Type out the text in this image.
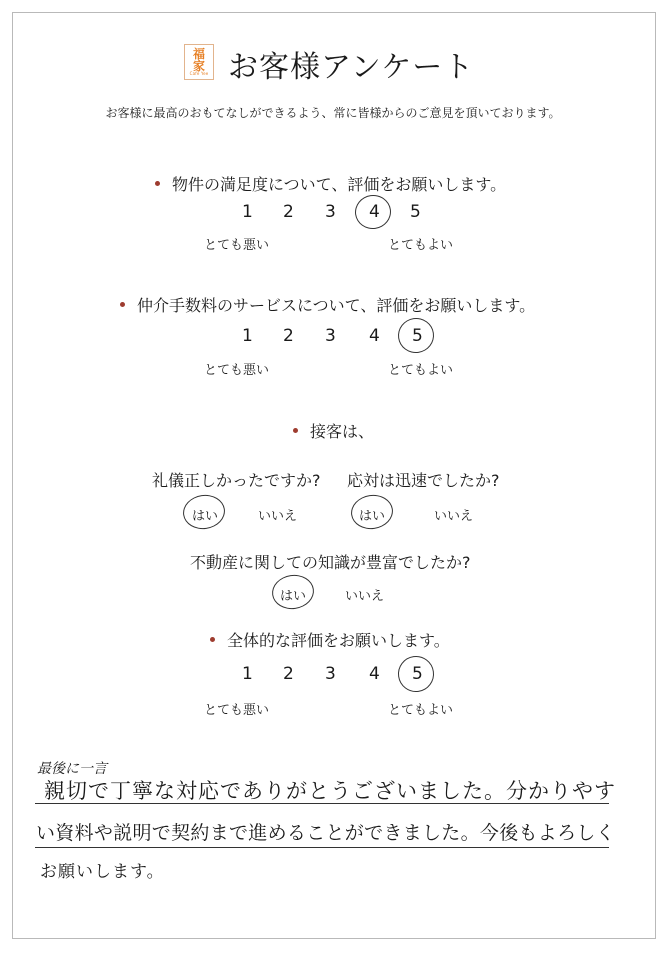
福
家
Cafe Yee お客様アンケート
お客様に最高のおもてなしができるよう、常に皆様からのご意見を頂いております。
物件の満足度について、評価をお願いします。
1 2 3 4 5
とても悪い	とてもよい
仲介手数料のサービスについて、評価をお願いします。
1 2 3 4 5
とても悪い	とてもよい
接客は、
礼儀正しかったですか? 応対は迅速でしたか?
はい	いいえ	はい	いいえ
不動産に関しての知識が豊富でしたか?
はい	いいえ
全体的な評価をお願いします。
1 2 3 4 5
とても悪い	とてもよい
最後に一言
親切で丁寧な対応でありがとうございました。分かりやす
い資料や説明で契約まで進めることができました。今後もよろしく
お願いします。
